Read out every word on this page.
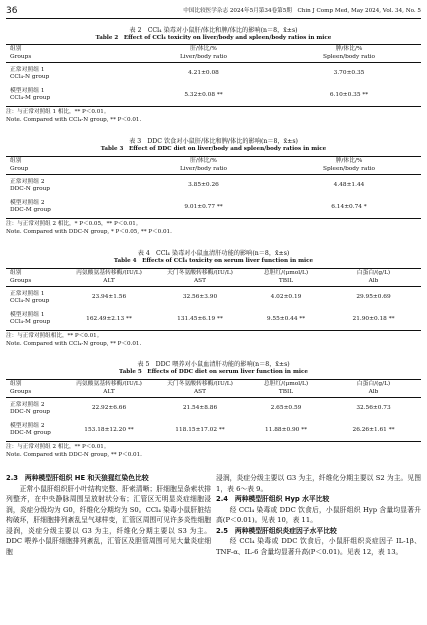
36	中国比较医学杂志 2024年5月第34卷第5期　Chin J Comp Med, May 2024, Vol. 34, No. 5
表 2　CCl₄ 染毒对小鼠肝/体比和脾/体比的影响(n＝8，x̄±s)
Table 2　Effect of CCl₄ toxicity on liver/body and spleen/body ratios in mice
组别	肝/体比/%	脾/体比/%
Groups	Liver/body ratio	Spleen/body ratio

正常对照组 1
CCl₄-N group	4.21±0.08	3.70±0.35

模型对照组 1
CCl₄-M group	5.32±0.08 **	6.10±0.35 **
注：与正常对照组 1 相比，** P＜0.01。
Note. Compared with CCl₄-N group, ** P＜0.01.
表 3　DDC 饮食对小鼠肝/体比和脾/体比的影响(n＝8，x̄±s)
Table 3　Effect of DDC diet on liver/body and spleen/body ratios in mice
组别	肝/体比/%	脾/体比/%
Group	Liver/body ratio	Spleen/body ratio

正常对照组 2
DDC-N group	3.85±0.26	4.48±1.44

模型对照组 2
DDC-M group	9.01±0.77 **	6.14±0.74 *
注：与正常对照组 2 相比，* P＜0.05，** P＜0.01。
Note. Compared with DDC-N group, * P＜0.05, ** P＜0.01.
表 4　CCl₄ 染毒对小鼠血清肝功能的影响(n＝8，x̄±s)
Table 4　Effects of CCl₄ toxicity on serum liver function in mice
组别	丙氨酸氨基转移酶/(IU/L)	天门冬氨酸转移酶/(IU/L)	总胆红/(μmol/L)	白蛋白/(g/L)
Groups	ALT	AST	TBIL	Alb

正常对照组 1
CCl₄-N group	23.94±1.56	32.56±3.90	4.02±0.19	29.95±0.69

模型对照组 1
CCl₄-M group	162.49±2.13 **	131.45±6.19 **	9.55±0.44 **	21.90±0.18 **
注：与正常对照组相比，** P＜0.01。
Note. Compared with CCl₄-N group, ** P＜0.01.
表 5　DDC 喂养对小鼠血清肝功能的影响(n＝8，x̄±s)
Table 5　Effects of DDC diet on serum liver function in mice
组别	丙氨酸氨基转移酶/(IU/L)	天门冬氨酸转移酶/(IU/L)	总胆红/(μmol/L)	白蛋白/(g/L)
Groups	ALT	AST	TBIL	Alb

正常对照组 2
DDC-N group	22.92±6.66	21.54±8.86	2.65±0.59	32.56±0.73

模型对照组 2
DDC-M group	153.18±12.20 **	118.15±17.02 **	11.88±0.90 **	26.26±1.61 **
注：与正常对照组 2 相比，** P＜0.01。
Note. Compared with DDC-N group, ** P＜0.01.

2.3　两种模型肝组织 HE 和天狼猩红染色比较

正常小鼠肝组织肝小叶结构完整、肝索清晰；肝细胞呈条索状排列整齐，在中央静脉周围呈放射状分布；汇管区无明显炎症细胞浸润，炎症分级均为 G0，纤维化分期均为 S0。CCl₄ 染毒小鼠肝脏结构破坏，肝细胞排列紊乱呈气球样变，汇管区周围可见许多炎性细胞浸润，炎症分级主要以 G3 为主，纤维化分期主要以 S3 为主。DDC 喂养小鼠肝细胞排列紊乱，汇管区及胆管周围可见大量炎症细胞

浸润，炎症分级主要以 G3 为主，纤维化分期主要以 S2 为主。见图 1，表 6～表 9。

2.4　两种模型肝组织 Hyp 水平比较

经 CCl₄ 染毒或 DDC 饮食后，小鼠肝组织 Hyp 含量均显著升高(P＜0.01)。见表 10，表 11。

2.5　两种模型肝组织炎症因子水平比较

经 CCl₄ 染毒或 DDC 饮食后，小鼠肝组织炎症因子 IL-1β、TNF-α、IL-6 含量均显著升高(P＜0.01)。见表 12，表 13。
